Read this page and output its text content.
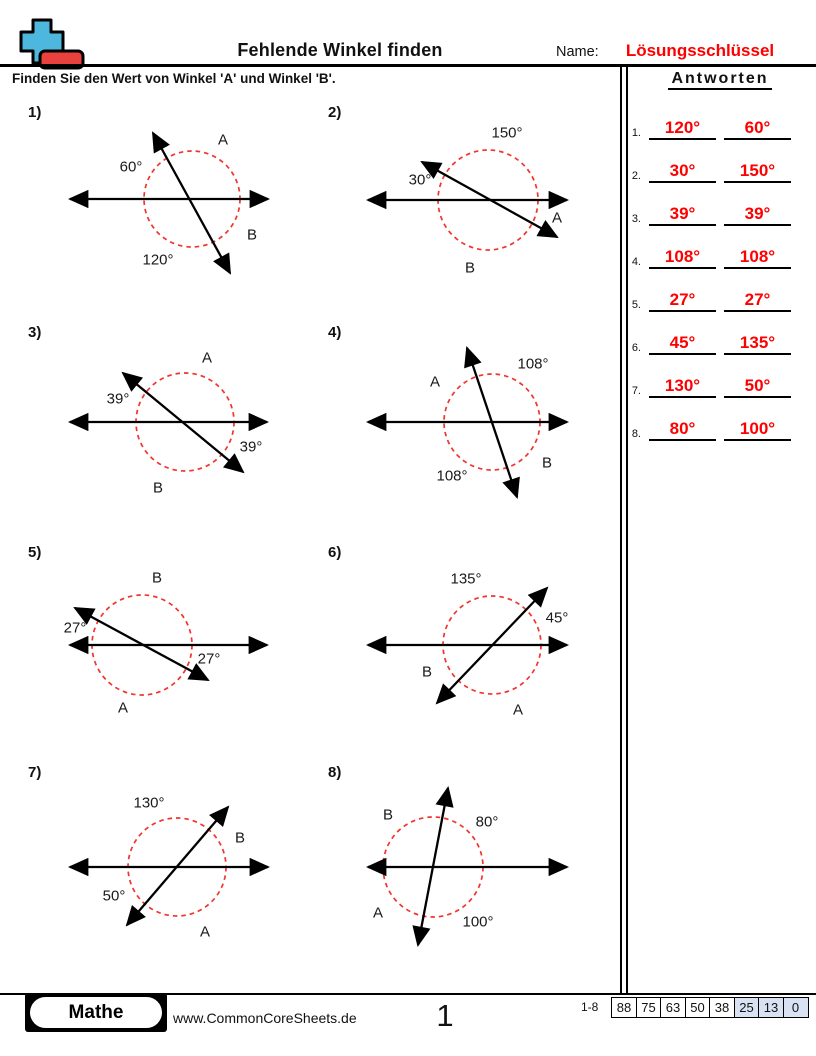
Fehlende Winkel finden	Name:	Lösungsschlüssel
Finden Sie den Wert von Winkel 'A' und Winkel 'B'.	Antworten
1.	120°	60°
2.	30°	150°
3.	39°	39°
4.	108°	108°
5.	27°	27°
6.	45°	135°
7.	130°	50°
8.	80°	100°
60°
A
B
120°
1)
150°
30°
A
B
2)
A
39°
39°
B
3)
108°
A
B
108°
4)
B
27°
27°
A
5)
135°
45°
B
A
6)
130°
B
50°
A
7)
B	80°
A
100°
8)
Mathe	www.CommonCoreSheets.de	1	1-8	88 75 63 50 38 25 13	0
